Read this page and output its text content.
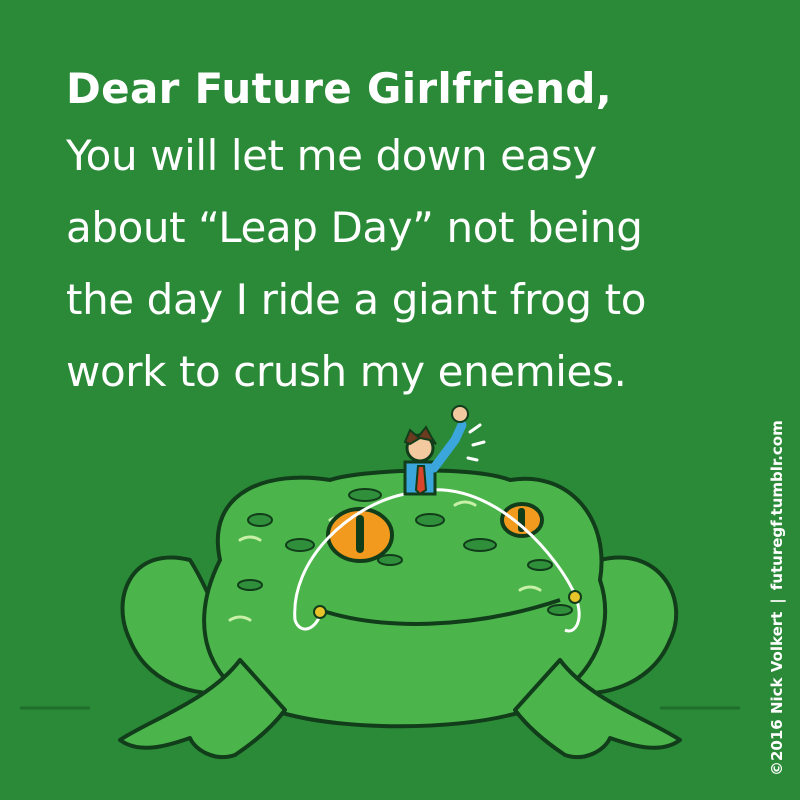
Dear Future Girlfriend,

You will let me down easy

about “Leap Day” not being

the day I ride a giant frog to

work to crush my enemies.

©2016 Nick Volkert|futuregf.tumblr.com
